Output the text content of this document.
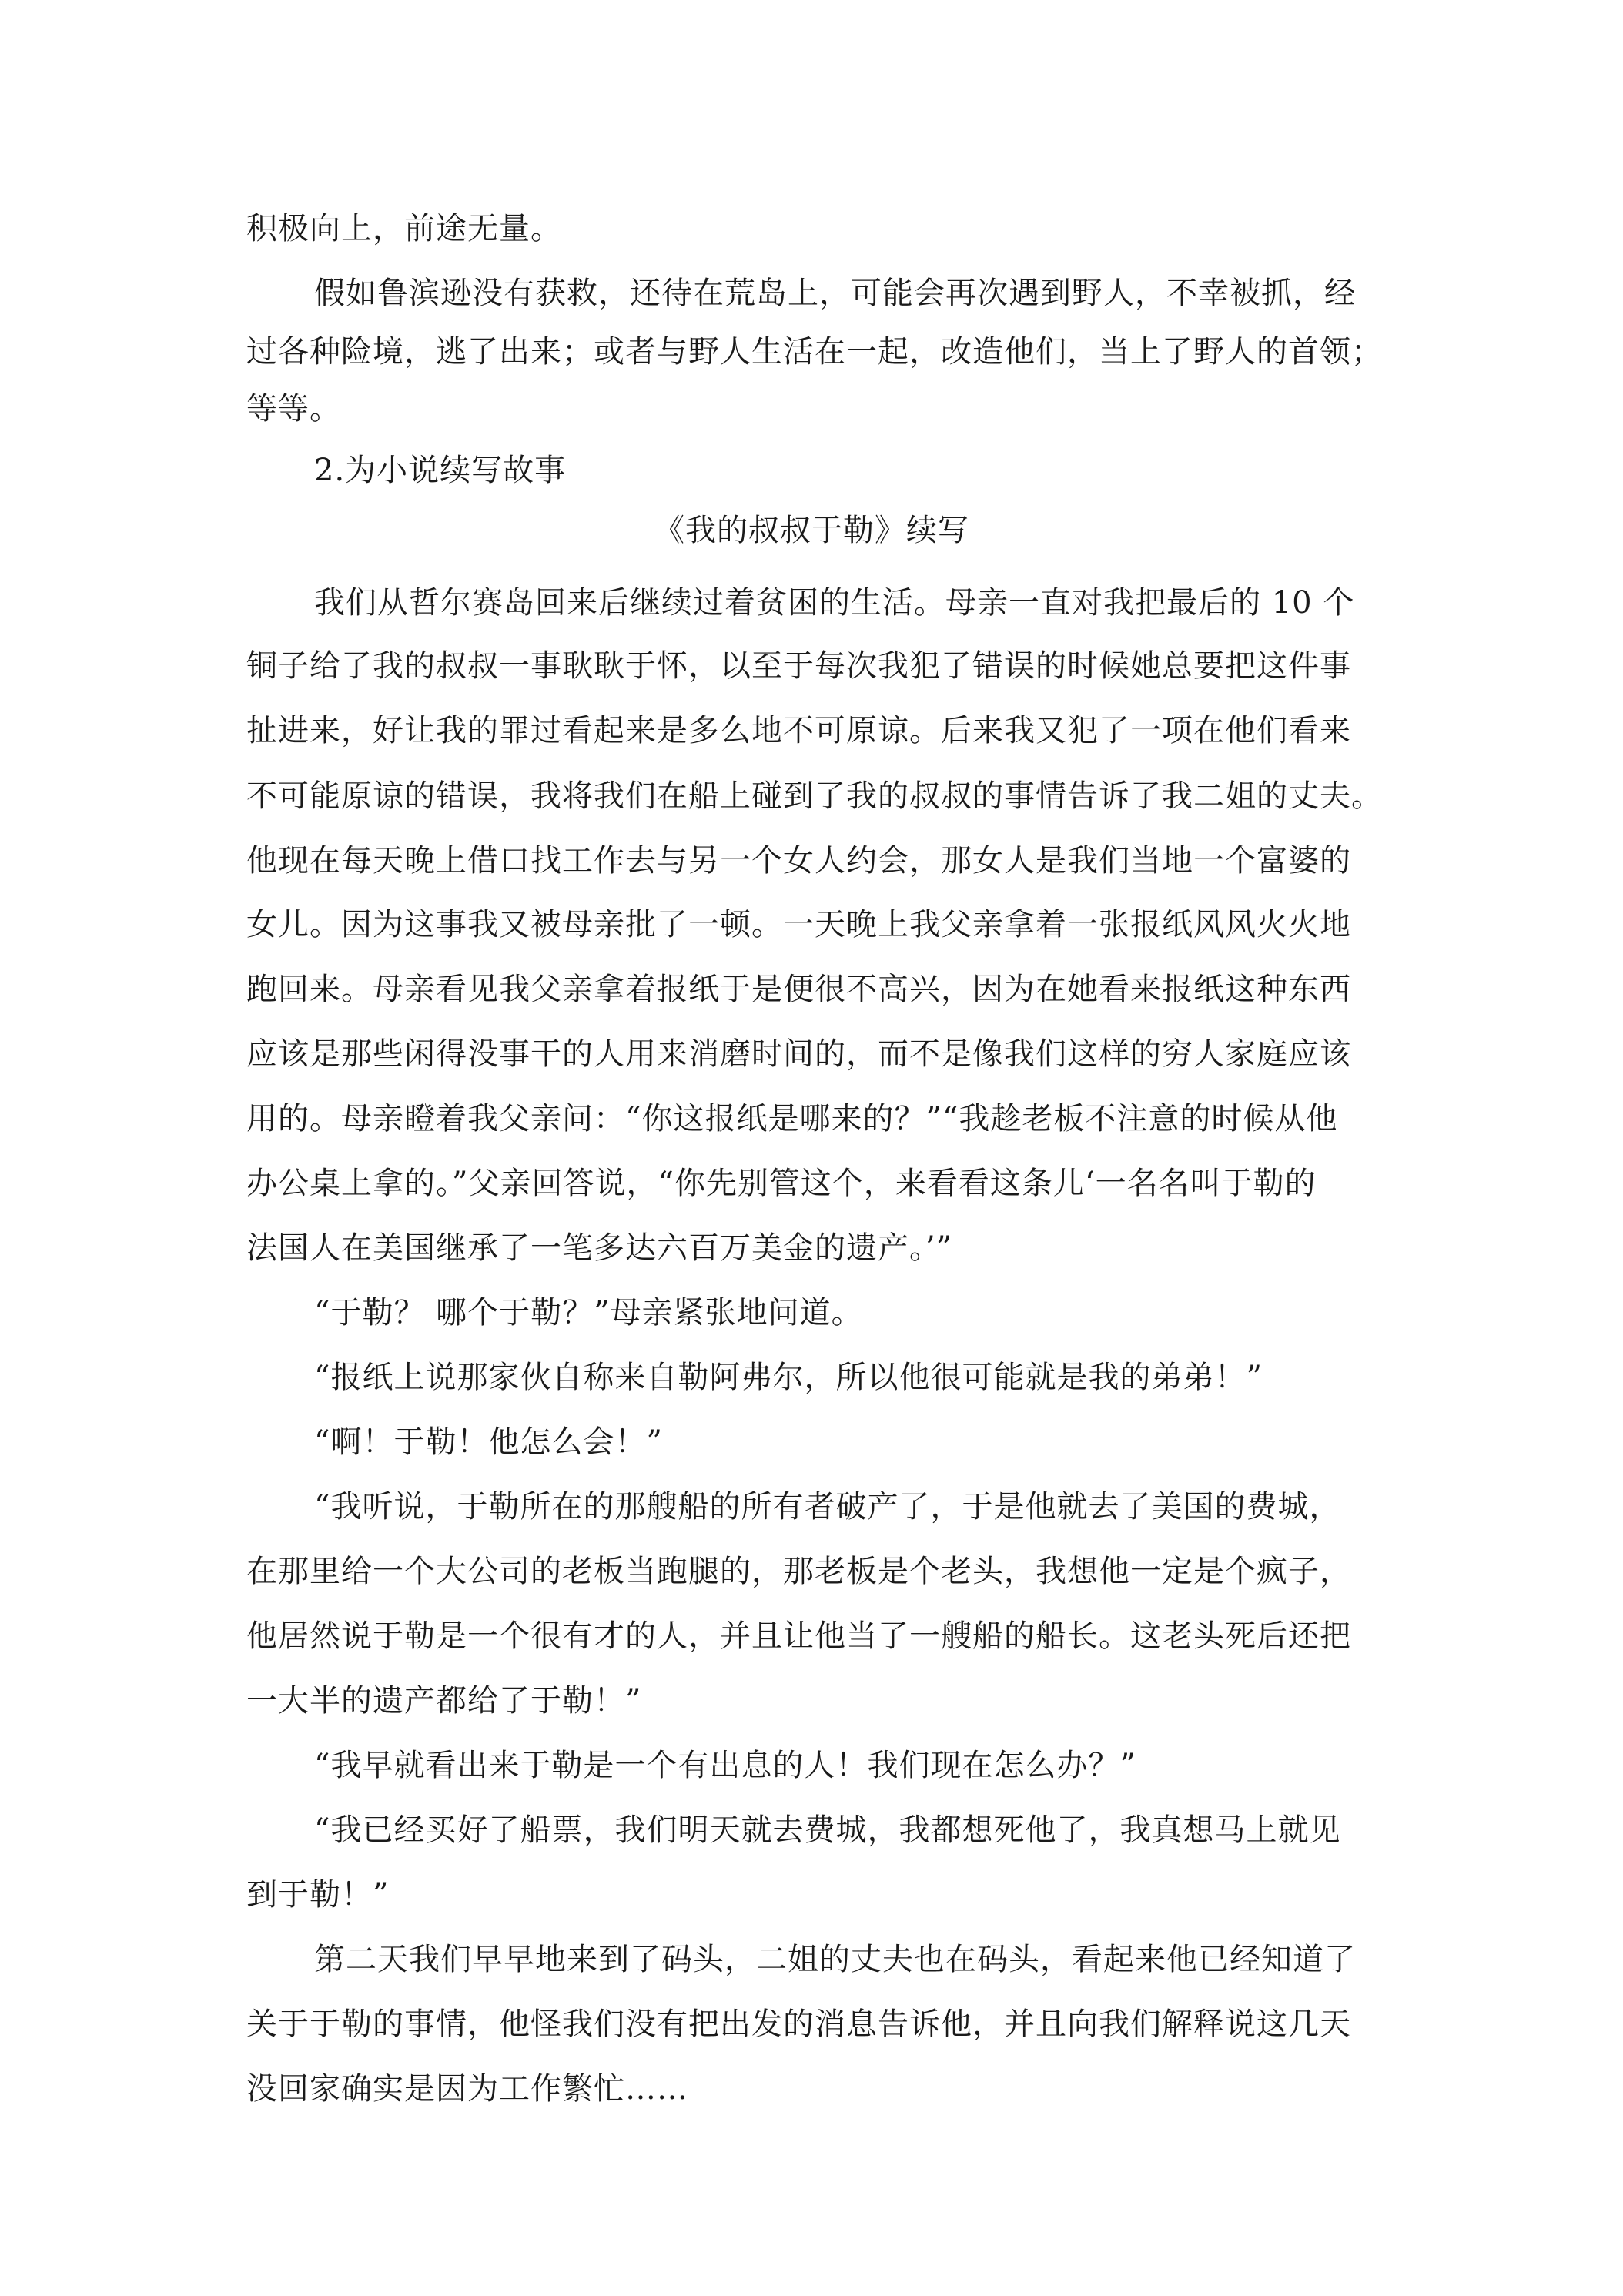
积极向上，前途无量。
假如鲁滨逊没有获救，还待在荒岛上，可能会再次遇到野人，不幸被抓，经
过各种险境，逃了出来；或者与野人生活在一起，改造他们，当上了野人的首领；
等等。
2.为小说续写故事
《我的叔叔于勒》续写
我们从哲尔赛岛回来后继续过着贫困的生活。母亲一直对我把最后的 10 个
铜子给了我的叔叔一事耿耿于怀，以至于每次我犯了错误的时候她总要把这件事
扯进来，好让我的罪过看起来是多么地不可原谅。后来我又犯了一项在他们看来
不可能原谅的错误，我将我们在船上碰到了我的叔叔的事情告诉了我二姐的丈夫。
他现在每天晚上借口找工作去与另一个女人约会，那女人是我们当地一个富婆的
女儿。因为这事我又被母亲批了一顿。一天晚上我父亲拿着一张报纸风风火火地
跑回来。母亲看见我父亲拿着报纸于是便很不高兴，因为在她看来报纸这种东西
应该是那些闲得没事干的人用来消磨时间的，而不是像我们这样的穷人家庭应该
用的。母亲瞪着我父亲问：“你这报纸是哪来的？”“我趁老板不注意的时候从他
办公桌上拿的。”父亲回答说，“你先别管这个，来看看这条儿‘一名名叫于勒的
法国人在美国继承了一笔多达六百万美金的遗产。’”
“于勒？ 哪个于勒？”母亲紧张地问道。
“报纸上说那家伙自称来自勒阿弗尔，所以他很可能就是我的弟弟！”
“啊！于勒！他怎么会！”
“我听说，于勒所在的那艘船的所有者破产了，于是他就去了美国的费城，
在那里给一个大公司的老板当跑腿的，那老板是个老头，我想他一定是个疯子，
他居然说于勒是一个很有才的人，并且让他当了一艘船的船长。这老头死后还把
一大半的遗产都给了于勒！”
“我早就看出来于勒是一个有出息的人！我们现在怎么办？”
“我已经买好了船票，我们明天就去费城，我都想死他了，我真想马上就见
到于勒！”
第二天我们早早地来到了码头，二姐的丈夫也在码头，看起来他已经知道了
关于于勒的事情，他怪我们没有把出发的消息告诉他，并且向我们解释说这几天
没回家确实是因为工作繁忙……
